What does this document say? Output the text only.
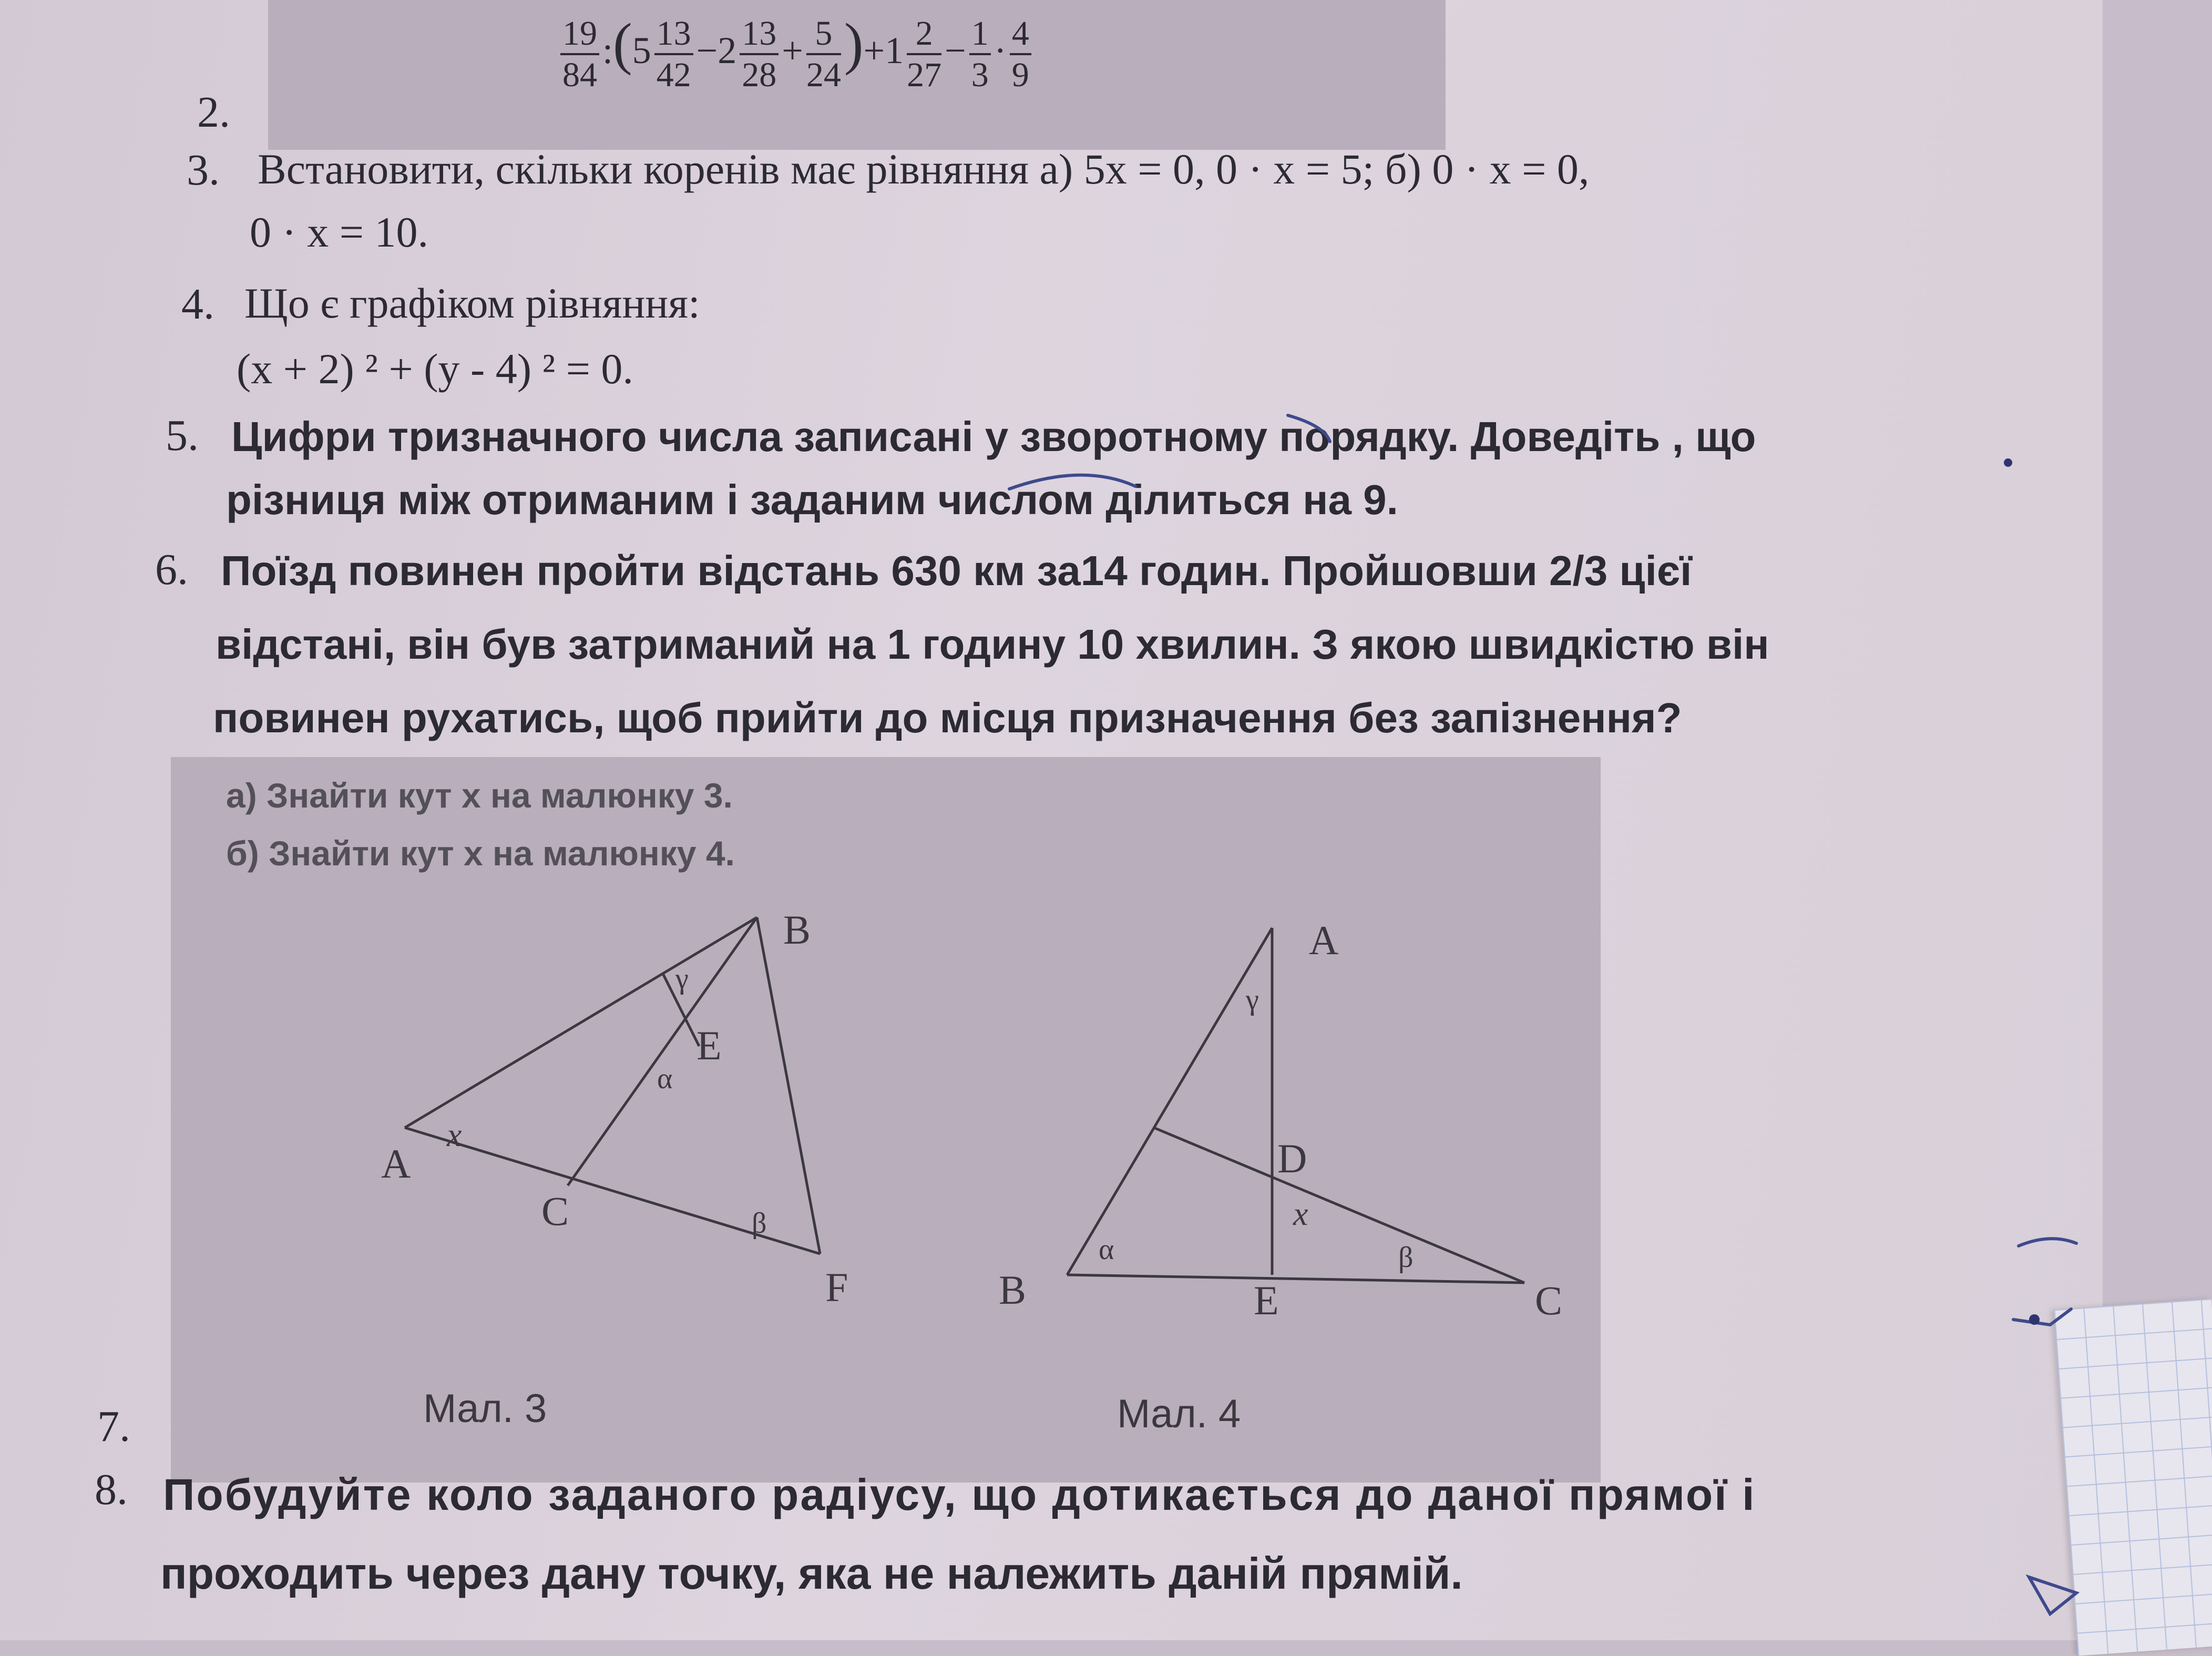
2.
$\frac{19}{84}$ :(5 $\frac{13}{42} -2 \frac{13}{28} + \frac{5}{24} )+1 \frac{2}{27} - \frac{1}{3} \cdot \frac{4}{9}$
3. Встановити, скільки коренів має рівняння а) 5x = 0, 0 · x = 5; б) 0 · x = 0,
0 · x = 10.
4. Що є графіком рівняння:
(x + 2) ² + (y - 4) ² = 0.
5. Цифри тризначного числа записані у зворотному порядку. Доведіть , що
різниця між отриманим і заданим числом ділиться на 9.
6. Поїзд повинен пройти відстань 630 км за14 годин. Пройшовши 2/3 цієї
відстані, він був затриманий на 1 годину 10 хвилин. З якою швидкістю він
повинен рухатись, щоб прийти до місця призначення без запізнення?
а) Знайти кут x на малюнку 3.
б) Знайти кут x на малюнку 4.
B
E
A
C
F
x
γ
α
β
Мал. 3
A
D
B	E	C
γ
α
x
β
Мал. 4
7.
8. Побудуйте коло заданого радіусу, що дотикається до даної прямої і
проходить через дану точку, яка не належить даній прямій.
